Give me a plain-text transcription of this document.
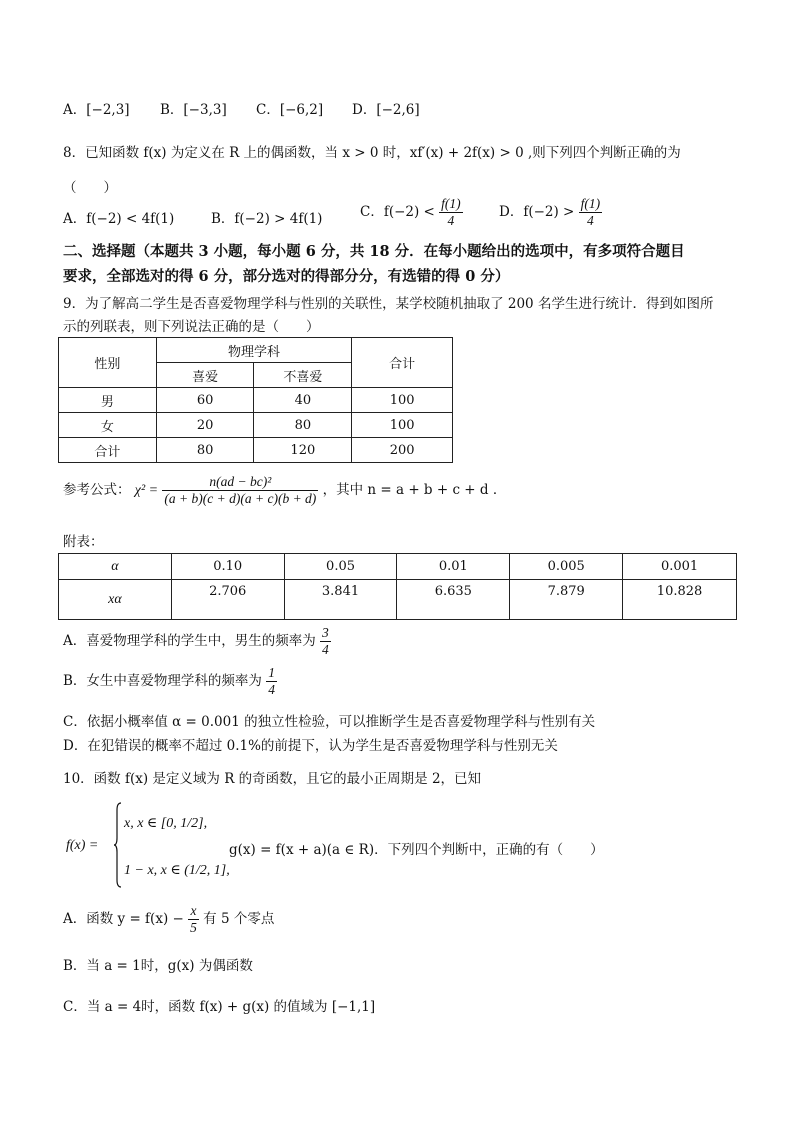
A．[−2,3] B．[−3,3] C．[−6,2] D．[−2,6]
8．已知函数 f(x) 为定义在 R 上的偶函数，当 x > 0 时，xf′(x) + 2f(x) > 0 ,则下列四个判断正确的为
（　　）
A．f(−2) < 4f(1)	B．f(−2) > 4f(1)	C．$f(-2) < \frac{f(1)}{4}$	D．$f(-2) > \frac{f(1)}{4}$
二、选择题（本题共 3 小题，每小题 6 分，共 18 分．在每小题给出的选项中，有多项符合题目
要求，全部选对的得 6 分，部分选对的得部分分，有选错的得 0 分）
9．为了解高二学生是否喜爱物理学科与性别的关联性，某学校随机抽取了 200 名学生进行统计．得到如图所
示的列联表，则下列说法正确的是（　　）
性别	物理学科		合计
	喜爱	不喜爱	
男	60	40	100
女	20	80	100
合计	80	120	200
参考公式： $\chi^2 = \frac{\text{n(ad − bc)²}}{(a + b)(c + d)(a + c)(b + d)}$ ，其中 n = a + b + c + d ．
附表：
α	0.10	0.05	0.01	0.005	0.001
xα	2.706	3.841	6.635	7.879	10.828
A．喜爱物理学科的学生中，男生的频率为 $\frac{3}{4}$
B．女生中喜爱物理学科的频率为 $\frac{1}{4}$
C．依据小概率值 α = 0.001 的独立性检验，可以推断学生是否喜爱物理学科与性别有关
D．在犯错误的概率不超过 0.1%的前提下，认为学生是否喜爱物理学科与性别无关
10．函数 f(x) 是定义域为 R 的奇函数，且它的最小正周期是 2，已知
f(x) =
x, x ∈ [0, 1/2],
1 − x, x ∈ (1/2, 1],
g(x) = f(x + a)(a ∈ R)．下列四个判断中，正确的有（　　）
A．函数 $y = f(x) - \frac{x}{5}$ 有 5 个零点
B．当 a = 1时，g(x) 为偶函数
C．当 a = 4时，函数 f(x) + g(x) 的值域为 [−1,1]
